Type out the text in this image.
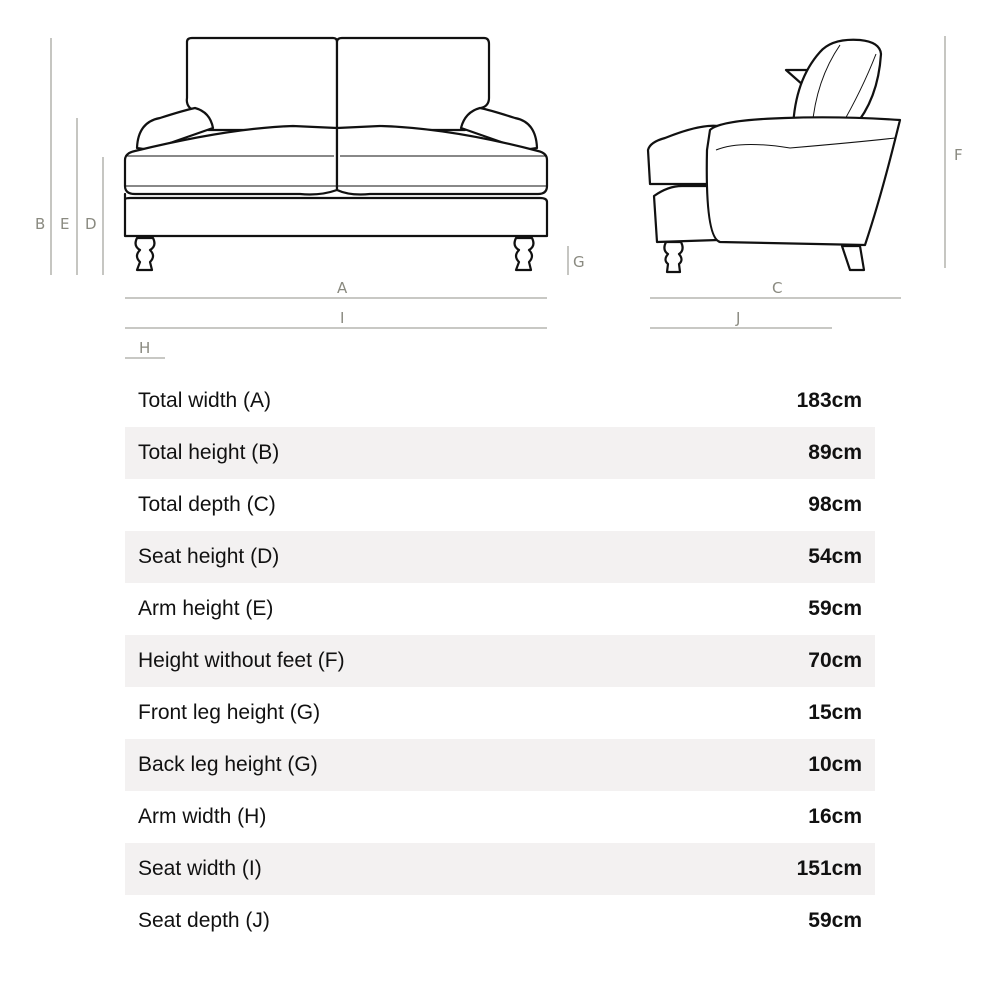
B E D
G
A
I
H
F
C
J
Total width (A)	183cm
Total height (B)	89cm
Total depth (C)	98cm
Seat height (D)	54cm
Arm height (E)	59cm
Height without feet (F)	70cm
Front leg height (G)	15cm
Back leg height (G)	10cm
Arm width (H)	16cm
Seat width (I)	151cm
Seat depth (J)	59cm
